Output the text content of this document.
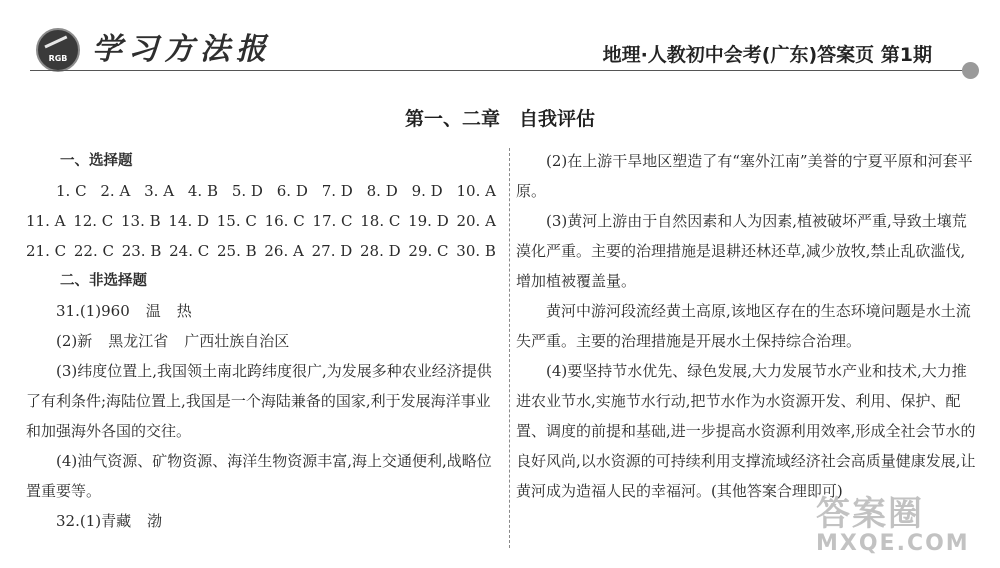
RGB 学习方法报	地理·人教初中会考(广东)答案页 第1期
第一、二章　自我评估
一、选择题
1. C 2. A 3. A 4. B 5. D 6. D 7. D 8. D 9. D 10. A
11. A 12. C 13. B 14. D 15. C 16. C 17. C 18. C 19. D 20. A
21. C 22. C 23. B 24. C 25. B 26. A 27. D 28. D 29. C 30. B
二、非选择题

31.(1)960 温 热

(2)新 黑龙江省 广西壮族自治区

(3)纬度位置上,我国领土南北跨纬度很广,为发展多种农业经济提供了有利条件;海陆位置上,我国是一个海陆兼备的国家,利于发展海洋事业和加强海外各国的交往。

(4)油气资源、矿物资源、海洋生物资源丰富,海上交通便利,战略位置重要等。

32.(1)青藏 渤

(2)在上游干旱地区塑造了有“塞外江南”美誉的宁夏平原和河套平原。

(3)黄河上游由于自然因素和人为因素,植被破坏严重,导致土壤荒漠化严重。主要的治理措施是退耕还林还草,减少放牧,禁止乱砍滥伐,增加植被覆盖量。

黄河中游河段流经黄土高原,该地区存在的生态环境问题是水土流失严重。主要的治理措施是开展水土保持综合治理。

(4)要坚持节水优先、绿色发展,大力发展节水产业和技术,大力推进农业节水,实施节水行动,把节水作为水资源开发、利用、保护、配置、调度的前提和基础,进一步提高水资源利用效率,形成全社会节水的良好风尚,以水资源的可持续利用支撑流域经济社会高质量健康发展,让黄河成为造福人民的幸福河。(其他答案合理即可)

答案圈
MXQE.COM
